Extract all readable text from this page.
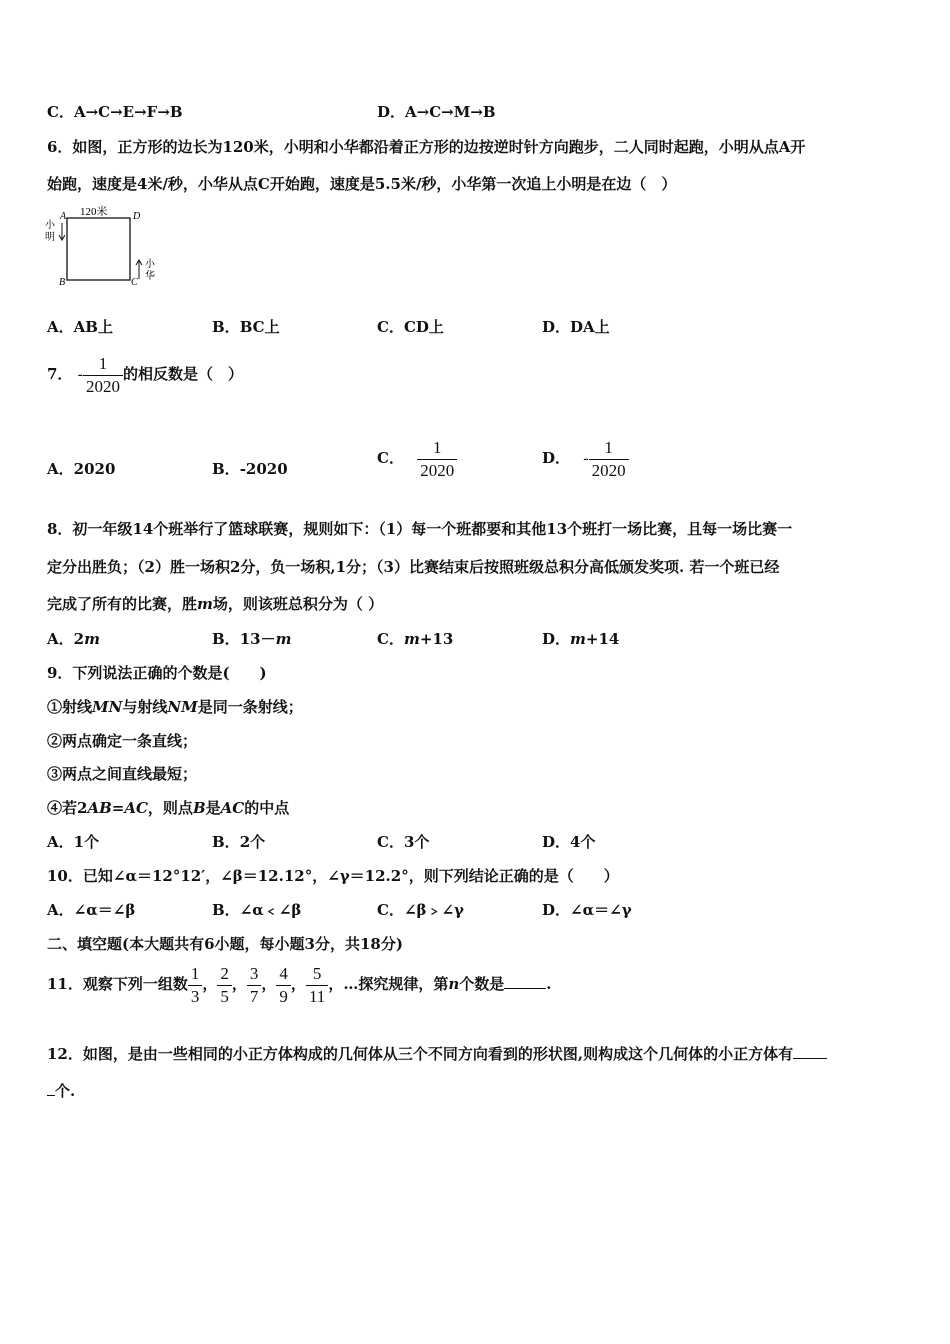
C．A→C→E→F→B	D．A→C→M→B
6．如图，正方形的边长为120米，小明和小华都沿着正方形的边按逆时针方向跑步，二人同时起跑，小明从点A开
始跑，速度是4米/秒，小华从点C开始跑，速度是5.5米/秒，小华第一次追上小明是在边（　）
120米
A	D
B	C
小
明
小
华
A．AB上	B．BC上	C．CD上	D．DA上
7． - $\frac{1}{2020}$ 的相反数是（　）
A．2020	B．-2020
C． $\frac{1}{2020}$	D． - $\frac{1}{2020}$
8．初一年级14个班举行了篮球联赛，规则如下：（1）每一个班都要和其他13个班打一场比赛，且每一场比赛一
定分出胜负；（2）胜一场积2分，负一场积,1分；（3）比赛结束后按照班级总积分高低颁发奖项. 若一个班已经
完成了所有的比赛，胜m场，则该班总积分为（ ）
A．2m	B．13－m	C．m+13	D．m+14
9．下列说法正确的个数是(　　)
①射线MN与射线NM是同一条射线；
②两点确定一条直线；
③两点之间直线最短；
④若2AB=AC，则点B是AC的中点
A．1个	B．2个	C．3个	D．4个
10．已知∠α＝12°12′，∠β＝12.12°，∠γ＝12.2°，则下列结论正确的是（　　）
A．∠α＝∠β	B．∠α﹤∠β	C．∠β﹥∠γ	D．∠α＝∠γ
二、填空题(本大题共有6小题，每小题3分，共18分)
11．观察下列一组数 $\frac{1}{3}$ ， $\frac{2}{5}$ ， $\frac{3}{7}$ ， $\frac{4}{9}$ ， $\frac{5}{11}$ ，…探究规律，第n个数是	.
12．如图，是由一些相同的小正方体构成的几何体从三个不同方向看到的形状图,则构成这个几何体的小正方体有
个.
